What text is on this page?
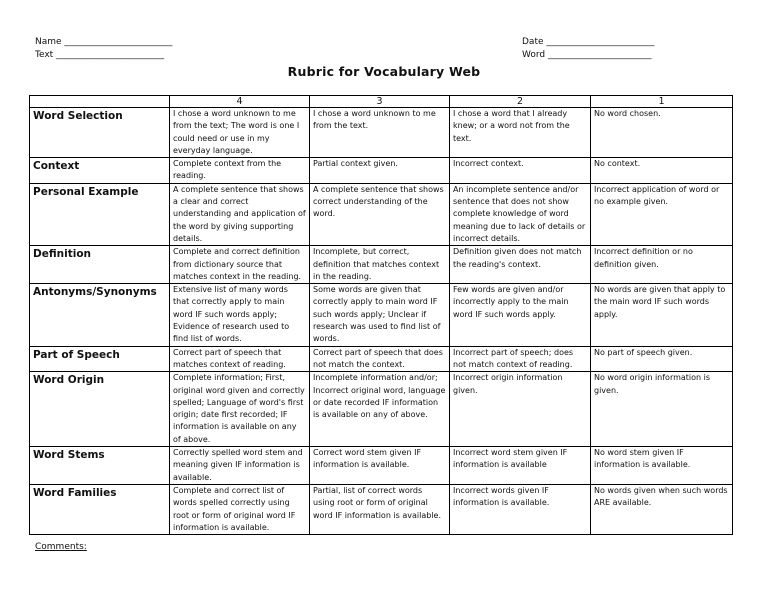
Name ________________________
Text ________________________
Date ________________________
Word _______________________
Rubric for Vocabulary Web
	4	3	2	1
Word Selection	I chose a word unknown to me from the text; The word is one I could need or use in my everyday language.	I chose a word unknown to me from the text.	I chose a word that I already knew; or a word not from the text.	No word chosen.
Context	Complete context from the reading.	Partial context given.	Incorrect context.	No context.
Personal Example	A complete sentence that shows a clear and correct understanding and application of the word by giving supporting details.	A complete sentence that shows correct understanding of the word.	An incomplete sentence and/or sentence that does not show complete knowledge of word meaning due to lack of details or incorrect details.	Incorrect application of word or no example given.
Definition	Complete and correct definition from dictionary source that matches context in the reading.	Incomplete, but correct, definition that matches context in the reading.	Definition given does not match the reading's context.	Incorrect definition or no definition given.
Antonyms/Synonyms	Extensive list of many words that correctly apply to main word IF such words apply; Evidence of research used to find list of words.	Some words are given that correctly apply to main word IF such words apply; Unclear if research was used to find list of words.	Few words are given and/or incorrectly apply to the main word IF such words apply.	No words are given that apply to the main word IF such words apply.
Part of Speech	Correct part of speech that matches context of reading.	Correct part of speech that does not match the context.	Incorrect part of speech; does not match context of reading.	No part of speech given.
Word Origin	Complete information; First, original word given and correctly spelled; Language of word's first origin; date first recorded; IF information is available on any of above.	Incomplete information and/or; Incorrect original word, language or date recorded IF information is available on any of above.	Incorrect origin information given.	No word origin information is given.
Word Stems	Correctly spelled word stem and meaning given IF information is available.	Correct word stem given IF information is available.	Incorrect word stem given IF information is available	No word stem given IF information is available.
Word Families	Complete and correct list of words spelled correctly using root or form of original word IF information is available.	Partial, list of correct words using root or form of original word IF information is available.	Incorrect words given IF information is available.	No words given when such words ARE available.
Comments:
